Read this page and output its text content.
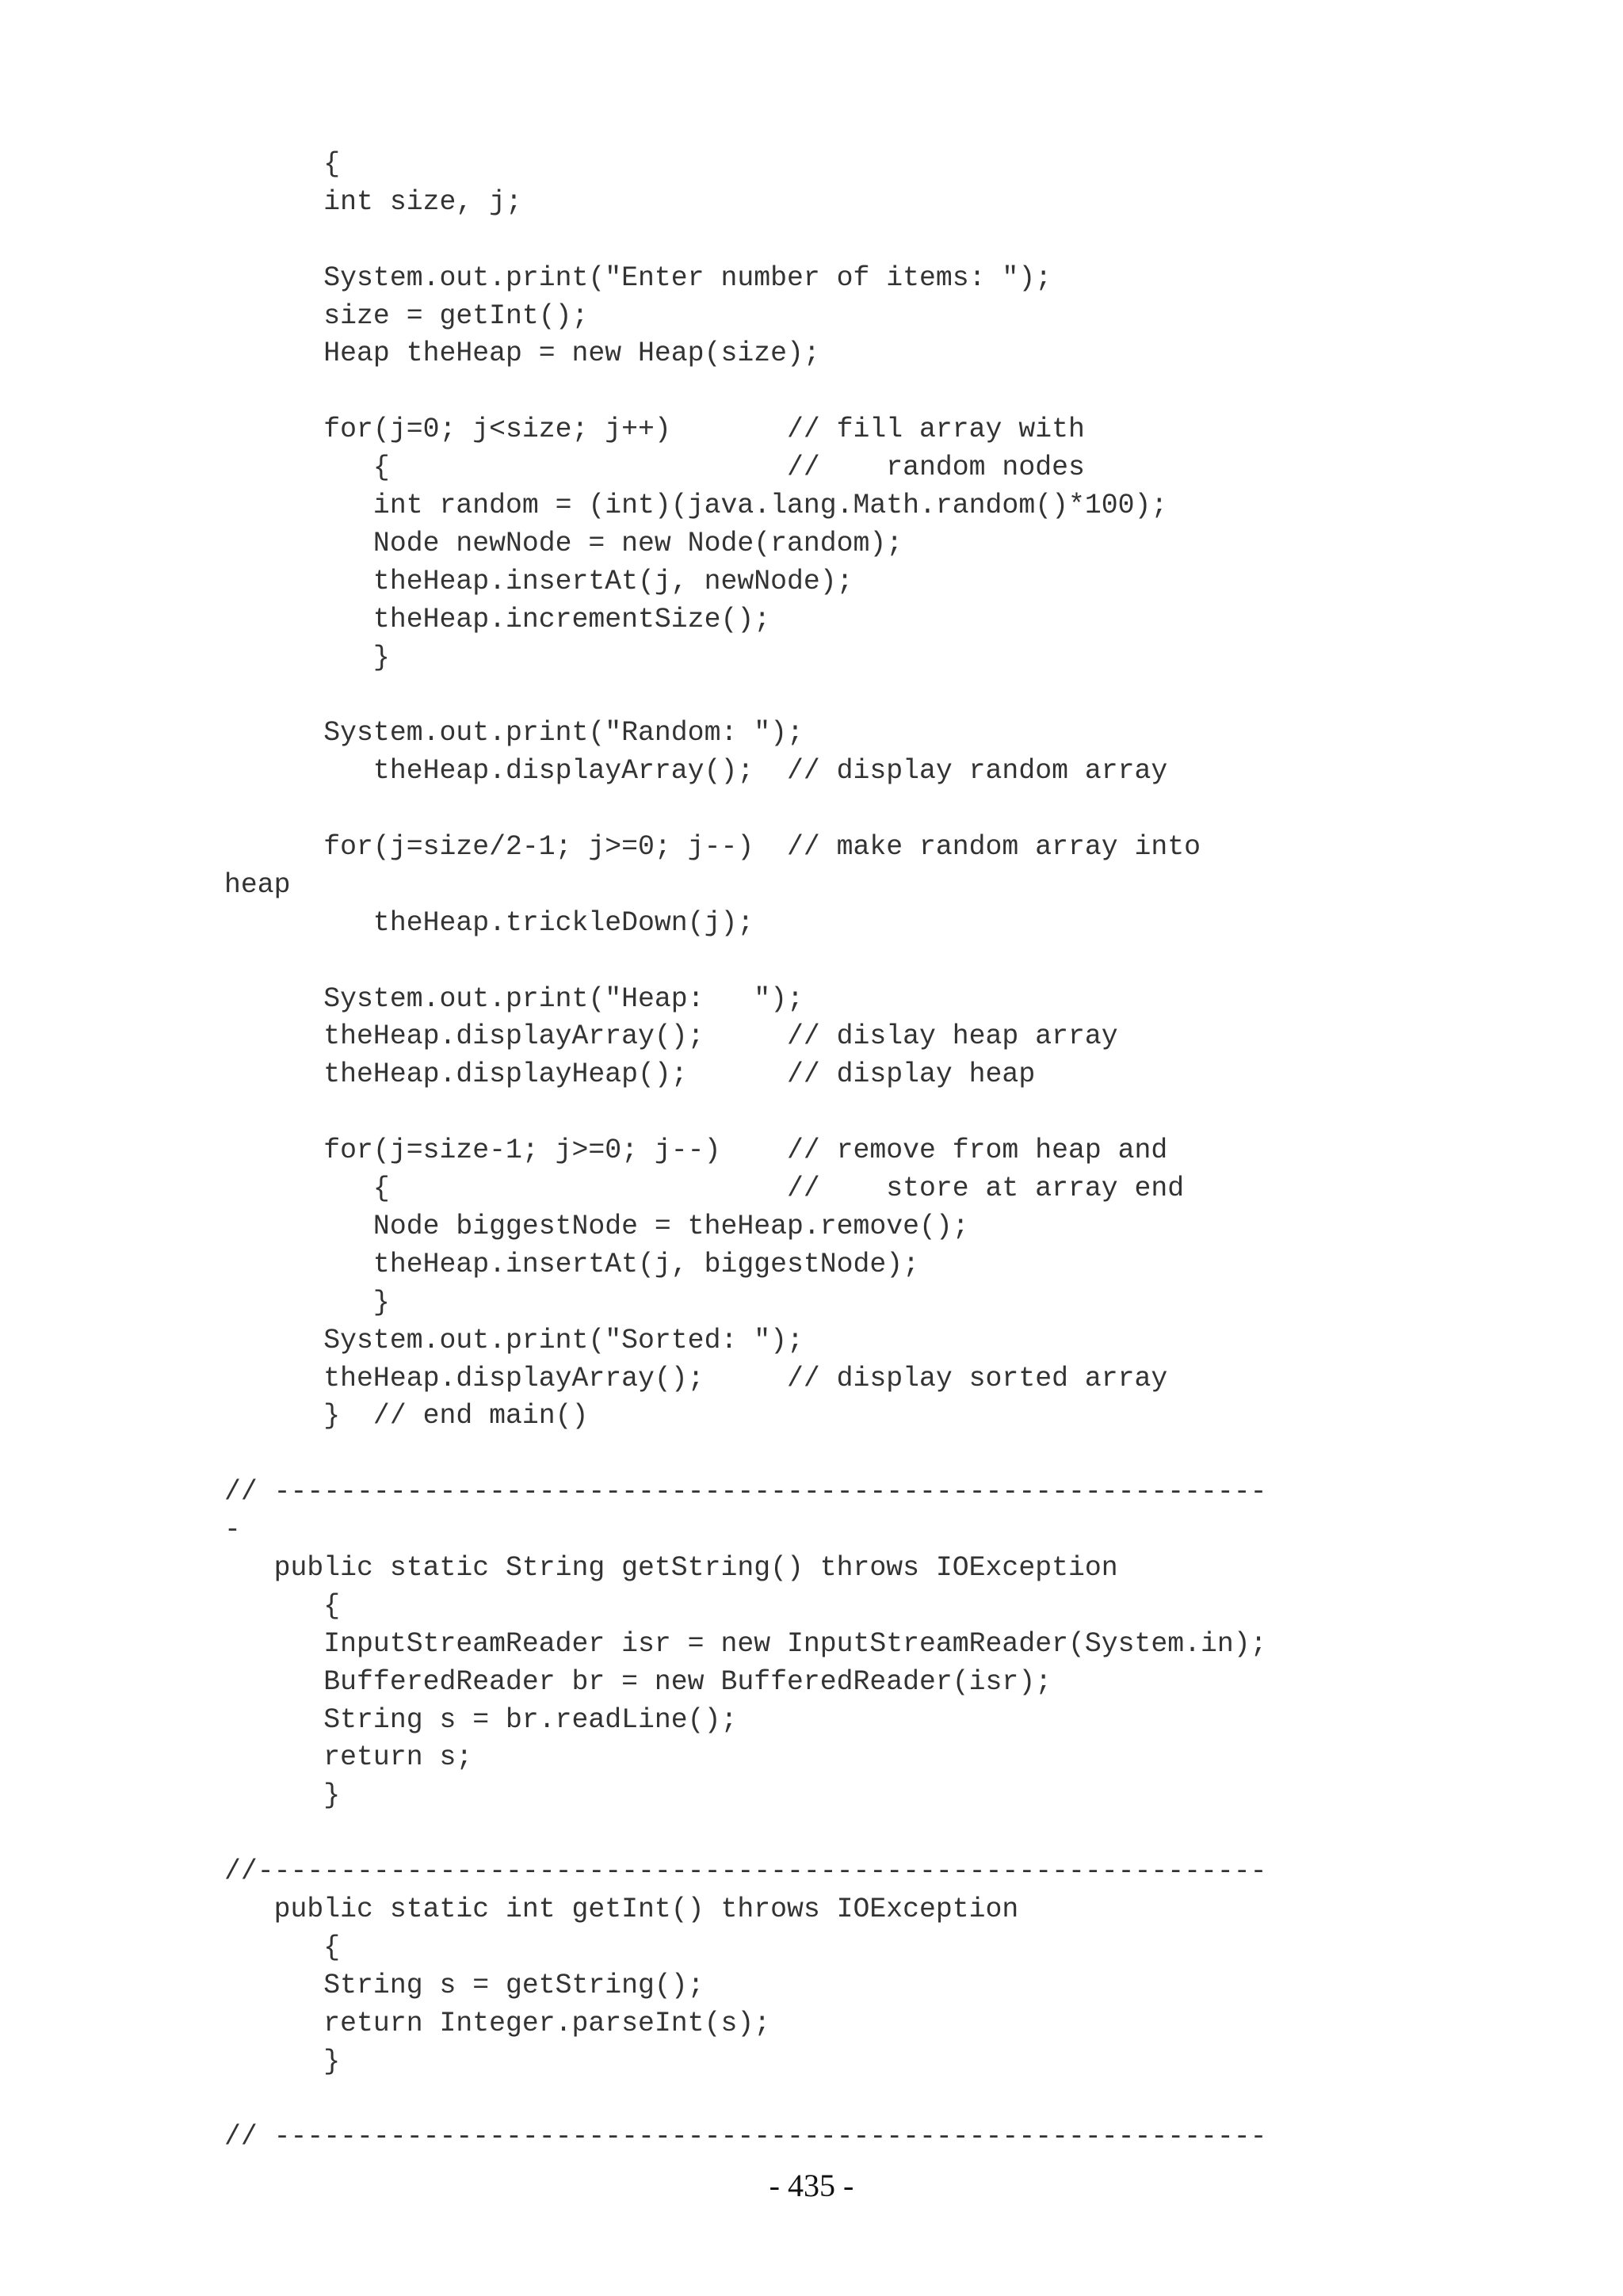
{
int size, j;
System.out.print("Enter number of items: ");
size = getInt();
Heap theHeap = new Heap(size);
for(j=0; j<size; j++)       // fill array with
{                        //    random nodes
int random = (int)(java.lang.Math.random()*100);
Node newNode = new Node(random);
theHeap.insertAt(j, newNode);
theHeap.incrementSize();
}
System.out.print("Random: ");
theHeap.displayArray();  // display random array
for(j=size/2-1; j>=0; j--)  // make random array into
heap
theHeap.trickleDown(j);
System.out.print("Heap:   ");
theHeap.displayArray();     // dislay heap array
theHeap.displayHeap();      // display heap
for(j=size-1; j>=0; j--)    // remove from heap and
{                        //    store at array end
Node biggestNode = theHeap.remove();
theHeap.insertAt(j, biggestNode);
}
System.out.print("Sorted: ");
theHeap.displayArray();     // display sorted array
}  // end main()
// ------------------------------------------------------------
-
public static String getString() throws IOException
{
InputStreamReader isr = new InputStreamReader(System.in);
BufferedReader br = new BufferedReader(isr);
String s = br.readLine();
return s;
}
//-------------------------------------------------------------
public static int getInt() throws IOException
{
String s = getString();
return Integer.parseInt(s);
}
// ------------------------------------------------------------
- 435 -
